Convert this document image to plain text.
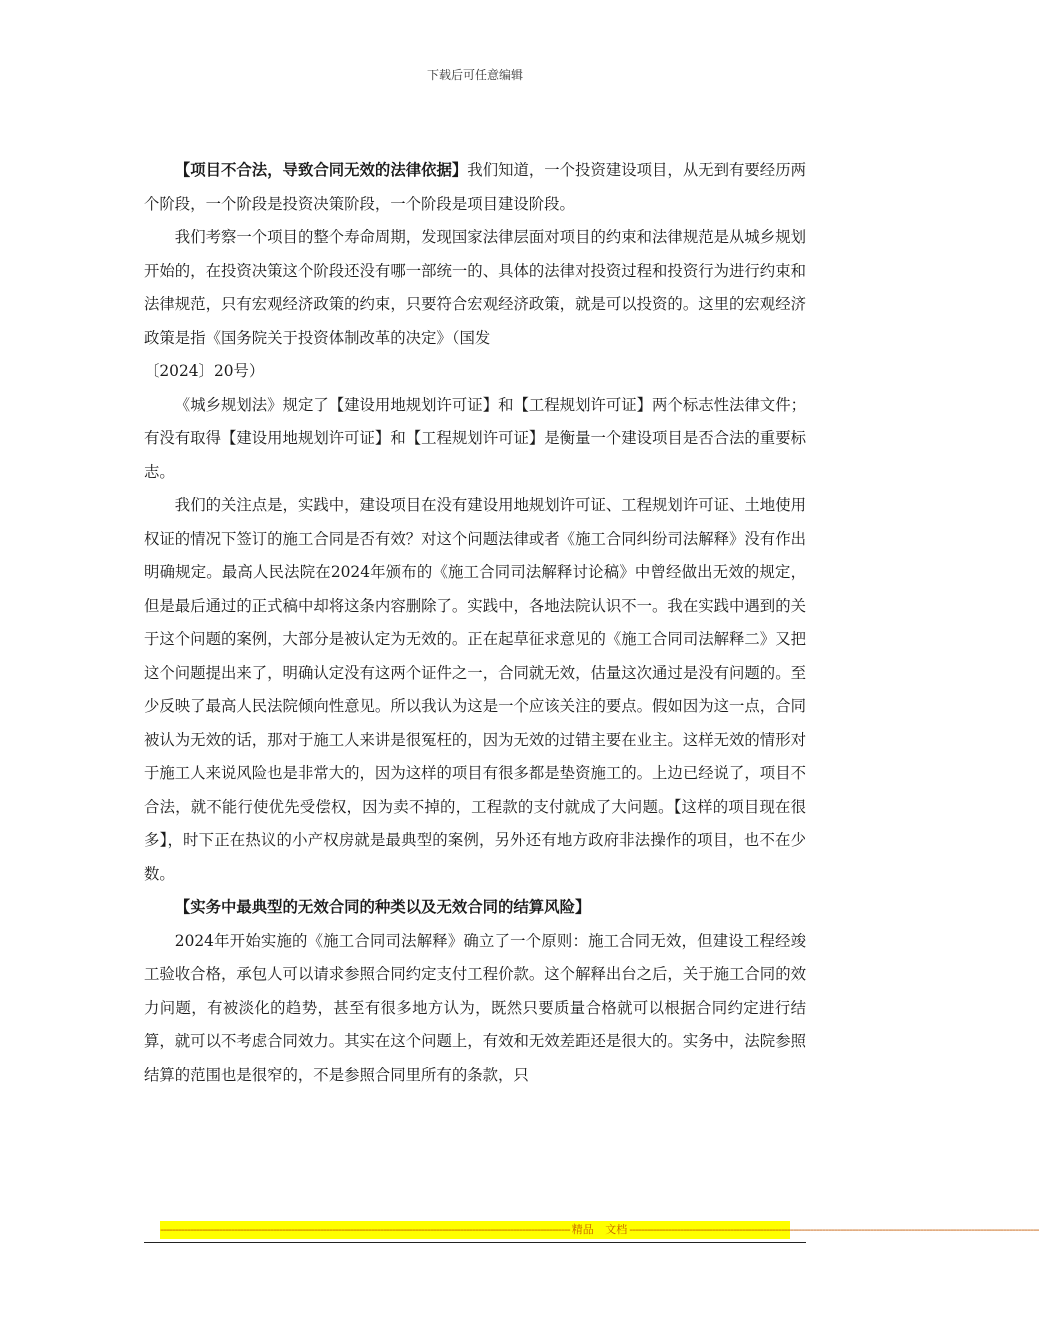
下载后可任意编辑

【项目不合法，导致合同无效的法律依据】我们知道，一个投资建设项目，从无到有要经历两个阶段，一个阶段是投资决策阶段，一个阶段是项目建设阶段。

我们考察一个项目的整个寿命周期，发现国家法律层面对项目的约束和法律规范是从城乡规划开始的，在投资决策这个阶段还没有哪一部统一的、具体的法律对投资过程和投资行为进行约束和法律规范，只有宏观经济政策的约束，只要符合宏观经济政策，就是可以投资的。这里的宏观经济政策是指《国务院关于投资体制改革的决定》（国发

〔2024〕20号）

《城乡规划法》规定了【建设用地规划许可证】和【工程规划许可证】两个标志性法律文件；有没有取得【建设用地规划许可证】和【工程规划许可证】是衡量一个建设项目是否合法的重要标志。

我们的关注点是，实践中，建设项目在没有建设用地规划许可证、工程规划许可证、土地使用权证的情况下签订的施工合同是否有效？对这个问题法律或者《施工合同纠纷司法解释》没有作出明确规定。最高人民法院在2024年颁布的《施工合同司法解释讨论稿》中曾经做出无效的规定，但是最后通过的正式稿中却将这条内容删除了。实践中，各地法院认识不一。我在实践中遇到的关于这个问题的案例，大部分是被认定为无效的。正在起草征求意见的《施工合同司法解释二》又把这个问题提出来了，明确认定没有这两个证件之一，合同就无效，估量这次通过是没有问题的。至少反映了最高人民法院倾向性意见。所以我认为这是一个应该关注的要点。假如因为这一点，合同被认为无效的话，那对于施工人来讲是很冤枉的，因为无效的过错主要在业主。这样无效的情形对于施工人来说风险也是非常大的，因为这样的项目有很多都是垫资施工的。上边已经说了，项目不合法，就不能行使优先受偿权，因为卖不掉的，工程款的支付就成了大问题。【这样的项目现在很多】，时下正在热议的小产权房就是最典型的案例，另外还有地方政府非法操作的项目，也不在少数。

【实务中最典型的无效合同的种类以及无效合同的结算风险】

2024年开始实施的《施工合同司法解释》确立了一个原则：施工合同无效，但建设工程经竣工验收合格，承包人可以请求参照合同约定支付工程价款。这个解释出台之后，关于施工合同的效力问题，有被淡化的趋势，甚至有很多地方认为，既然只要质量合格就可以根据合同约定进行结算，就可以不考虑合同效力。其实在这个问题上，有效和无效差距还是很大的。实务中，法院参照结算的范围也是很窄的，不是参照合同里所有的条款，只

------------------------------------------------------------------------------------------------------------------------------------------ 精品 文档 ------------------------------------------------------------------------------------------------------------------------------------------
